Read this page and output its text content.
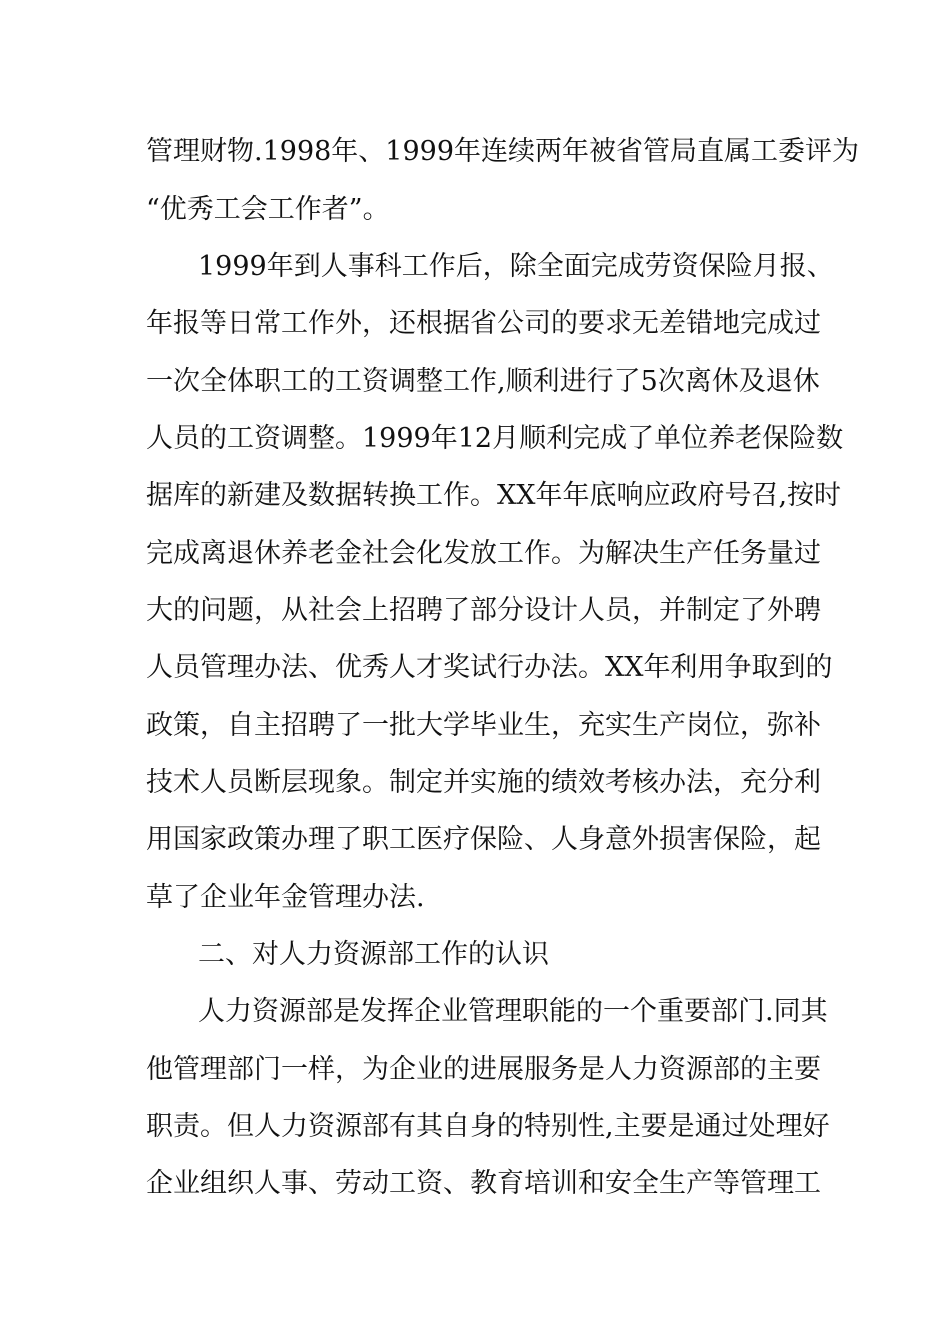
管理财物.1998年、1999年连续两年被省管局直属工委评为
“优秀工会工作者”。
1999年到人事科工作后，除全面完成劳资保险月报、
年报等日常工作外，还根据省公司的要求无差错地完成过
一次全体职工的工资调整工作,顺利进行了5次离休及退休
人员的工资调整。1999年12月顺利完成了单位养老保险数
据库的新建及数据转换工作。XX年年底响应政府号召,按时
完成离退休养老金社会化发放工作。为解决生产任务量过
大的问题，从社会上招聘了部分设计人员，并制定了外聘
人员管理办法、优秀人才奖试行办法。XX年利用争取到的
政策，自主招聘了一批大学毕业生，充实生产岗位，弥补
技术人员断层现象。制定并实施的绩效考核办法，充分利
用国家政策办理了职工医疗保险、人身意外损害保险，起
草了企业年金管理办法.
二、对人力资源部工作的认识
人力资源部是发挥企业管理职能的一个重要部门.同其
他管理部门一样，为企业的进展服务是人力资源部的主要
职责。但人力资源部有其自身的特别性,主要是通过处理好
企业组织人事、劳动工资、教育培训和安全生产等管理工
